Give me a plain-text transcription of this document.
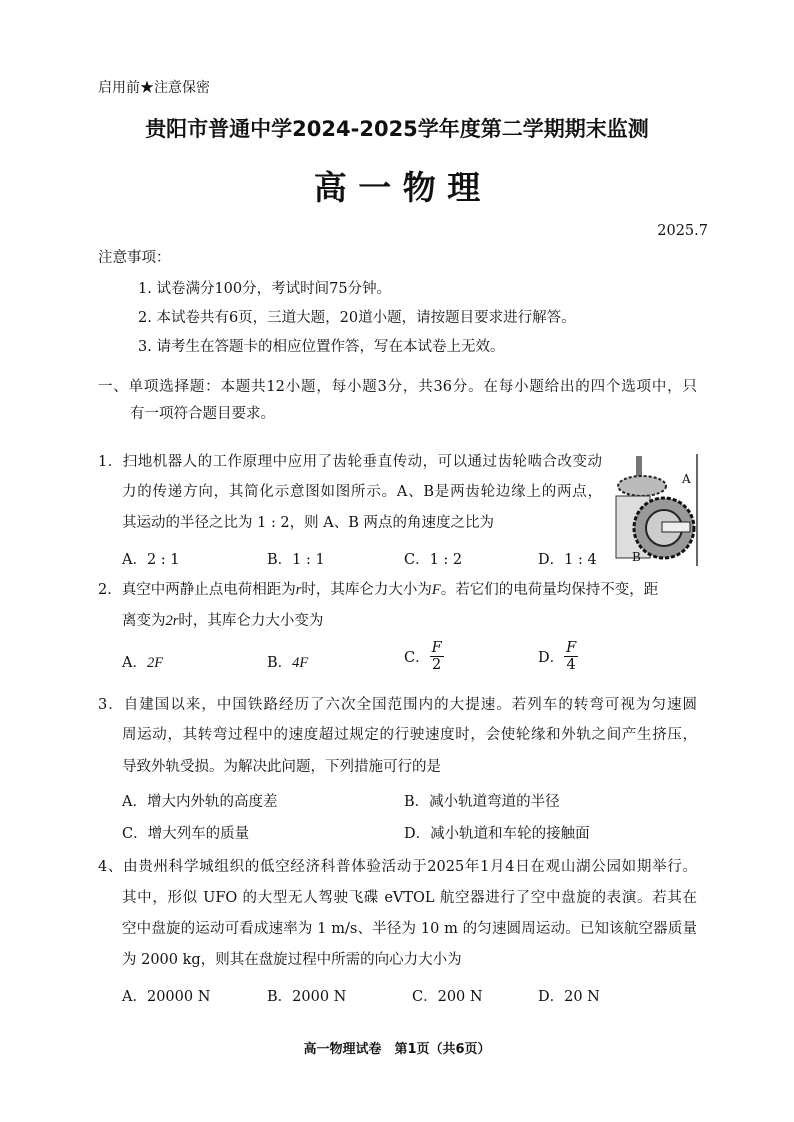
启用前★注意保密
贵阳市普通中学2024-2025学年度第二学期期末监测
高 一 物 理
2025.7
注意事项：
1. 试卷满分100分，考试时间75分钟。
2. 本试卷共有6页，三道大题，20道小题，请按题目要求进行解答。
3. 请考生在答题卡的相应位置作答，写在本试卷上无效。
一、单项选择题：本题共12小题，每小题3分，共36分。在每小题给出的四个选项中，只
有一项符合题目要求。
1．扫地机器人的工作原理中应用了齿轮垂直传动，可以通过齿轮啮合改变动
力的传递方向，其简化示意图如图所示。A、B是两齿轮边缘上的两点，
其运动的半径之比为 1 : 2，则 A、B 两点的角速度之比为
A．2 : 1	B．1 : 1	C．1 : 2	D．1 : 4
A
B
2．真空中两静止点电荷相距为r时，其库仑力大小为F。若它们的电荷量均保持不变，距
离变为2r时，其库仑力大小变为
A．2F	B．4F	C． $\frac{F}{2}$	D． $\frac{F}{4}$
3．自建国以来，中国铁路经历了六次全国范围内的大提速。若列车的转弯可视为匀速圆
周运动，其转弯过程中的速度超过规定的行驶速度时，会使轮缘和外轨之间产生挤压，
导致外轨受损。为解决此问题，下列措施可行的是
A．增大内外轨的高度差	B．减小轨道弯道的半径
C．增大列车的质量	D．减小轨道和车轮的接触面
4、由贵州科学城组织的低空经济科普体验活动于2025年1月4日在观山湖公园如期举行。
其中，形似 UFO 的大型无人驾驶飞碟 eVTOL 航空器进行了空中盘旋的表演。若其在
空中盘旋的运动可看成速率为 1 m/s、半径为 10 m 的匀速圆周运动。已知该航空器质量
为 2000 kg，则其在盘旋过程中所需的向心力大小为
A．20000 N	B．2000 N	C．200 N	D．20 N
高一物理试卷　第1页（共6页）
